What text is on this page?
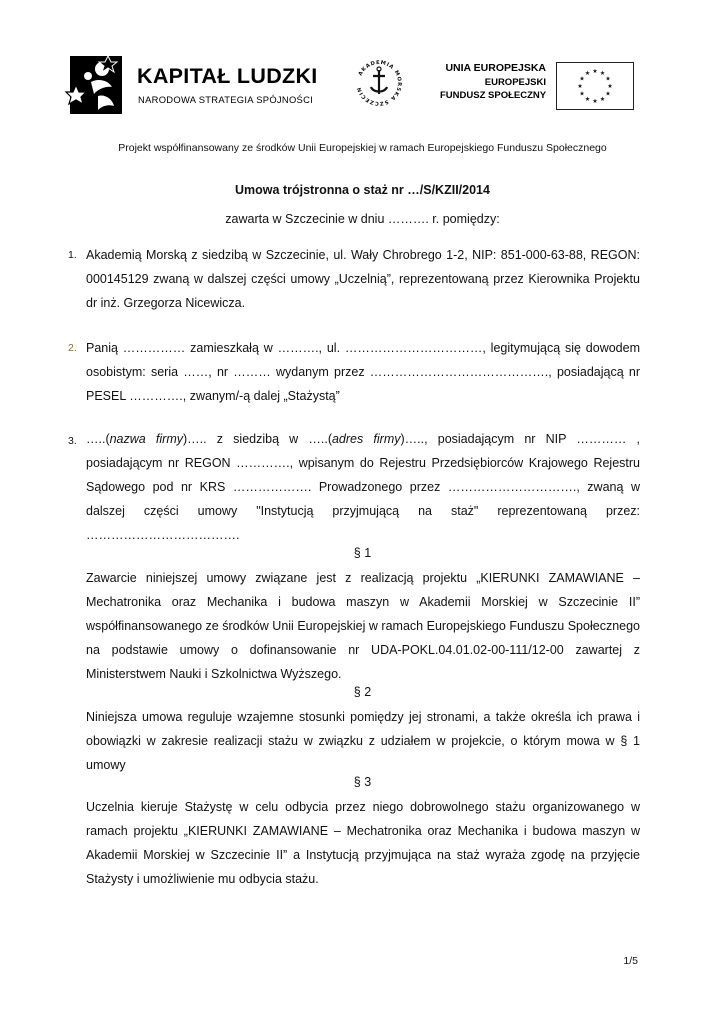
KAPITAŁ LUDZKI
NARODOWA STRATEGIA SPÓJNOŚCI
AKADEMIA MORSKA SZCZECIN
UNIA EUROPEJSKA
EUROPEJSKI
FUNDUSZ SPOŁECZNY
Projekt współfinansowany ze środków Unii Europejskiej w ramach Europejskiego Funduszu Społecznego
Umowa trójstronna o staż nr …/S/KZII/2014
zawarta w Szczecinie w dniu ………. r. pomiędzy:
1. Akademią Morską z siedzibą w Szczecinie, ul. Wały Chrobrego 1-2, NIP: 851-000-63-88, REGON: 000145129 zwaną w dalszej części umowy „Uczelnią”, reprezentowaną przez Kierownika Projektu dr inż. Grzegorza Nicewicza.

2. Panią …………… zamieszkałą w ………., ul. ……………………………, legitymującą się dowodem osobistym: seria ……, nr ……… wydanym przez ……………………………………., posiadającą nr PESEL …………., zwanym/-ą dalej „Stażystą”

3. …..(nazwa firmy)….. z siedzibą w …..(adres firmy)….., posiadającym nr NIP ………… , posiadającym nr REGON …………., wpisanym do Rejestru Przedsiębiorców Krajowego Rejestru Sądowego pod nr KRS ………………. Prowadzonego przez …………………………., zwaną w dalszej części umowy "Instytucją przyjmującą na staż" reprezentowaną przez: ……………………………….

§ 1

Zawarcie niniejszej umowy związane jest z realizacją projektu „KIERUNKI ZAMAWIANE – Mechatronika oraz Mechanika i budowa maszyn w Akademii Morskiej w Szczecinie II” współfinansowanego ze środków Unii Europejskiej w ramach Europejskiego Funduszu Społecznego na podstawie umowy o dofinansowanie nr UDA-POKL.04.01.02-00-111/12-00 zawartej z Ministerstwem Nauki i Szkolnictwa Wyższego.

§ 2

Niniejsza umowa reguluje wzajemne stosunki pomiędzy jej stronami, a także określa ich prawa i obowiązki w zakresie realizacji stażu w związku z udziałem w projekcie, o którym mowa w § 1 umowy

§ 3

Uczelnia kieruje Stażystę w celu odbycia przez niego dobrowolnego stażu organizowanego w ramach projektu „KIERUNKI ZAMAWIANE – Mechatronika oraz Mechanika i budowa maszyn w Akademii Morskiej w Szczecinie II” a Instytucją przyjmująca na staż wyraża zgodę na przyjęcie Stażysty i umożliwienie mu odbycia stażu.

1/5
